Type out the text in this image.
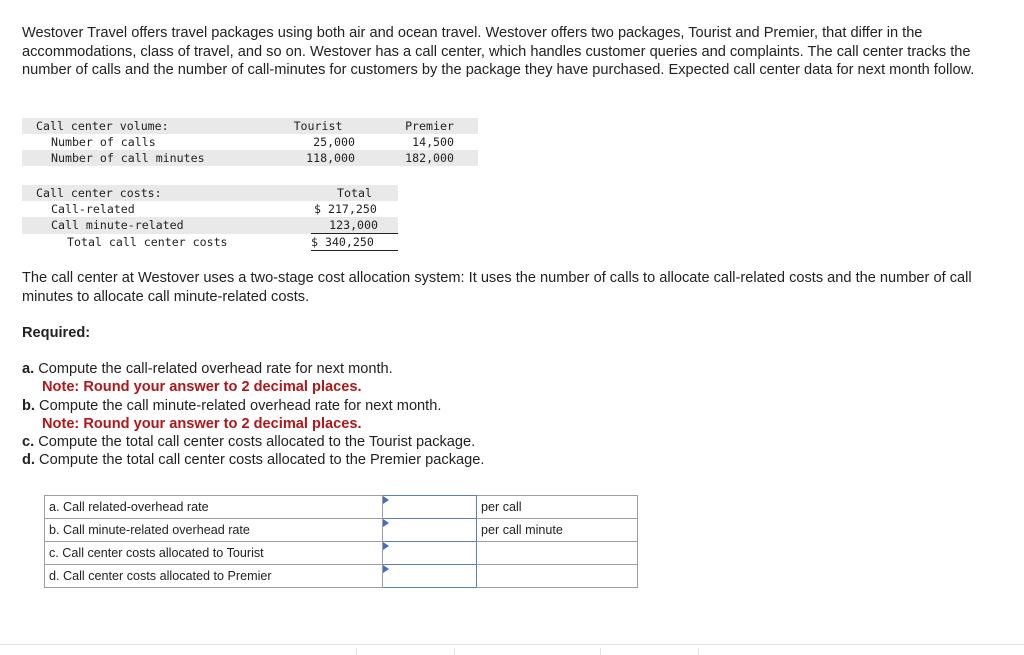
Westover Travel offers travel packages using both air and ocean travel. Westover offers two packages, Tourist and Premier, that differ in the accommodations, class of travel, and so on. Westover has a call center, which handles customer queries and complaints. The call center tracks the number of calls and the number of call-minutes for customers by the package they have purchased. Expected call center data for next month follow.
	Call center volume:	Tourist		Premier
	Number of calls	25,000		14,500
	Number of call minutes	118,000		182,000
	Call center costs:	Total
	Call-related	$ 217,250
	Call minute-related	123,000
	Total call center costs	$ 340,250
The call center at Westover uses a two-stage cost allocation system: It uses the number of calls to allocate call-related costs and the number of call minutes to allocate call minute-related costs.
Required:
a. Compute the call-related overhead rate for next month.
Note: Round your answer to 2 decimal places.
b. Compute the call minute-related overhead rate for next month.
Note: Round your answer to 2 decimal places.
c. Compute the total call center costs allocated to the Tourist package.
d. Compute the total call center costs allocated to the Premier package.
a. Call related-overhead rate		per call
b. Call minute-related overhead rate		per call minute
c. Call center costs allocated to Tourist	

d. Call center costs allocated to Premier	
